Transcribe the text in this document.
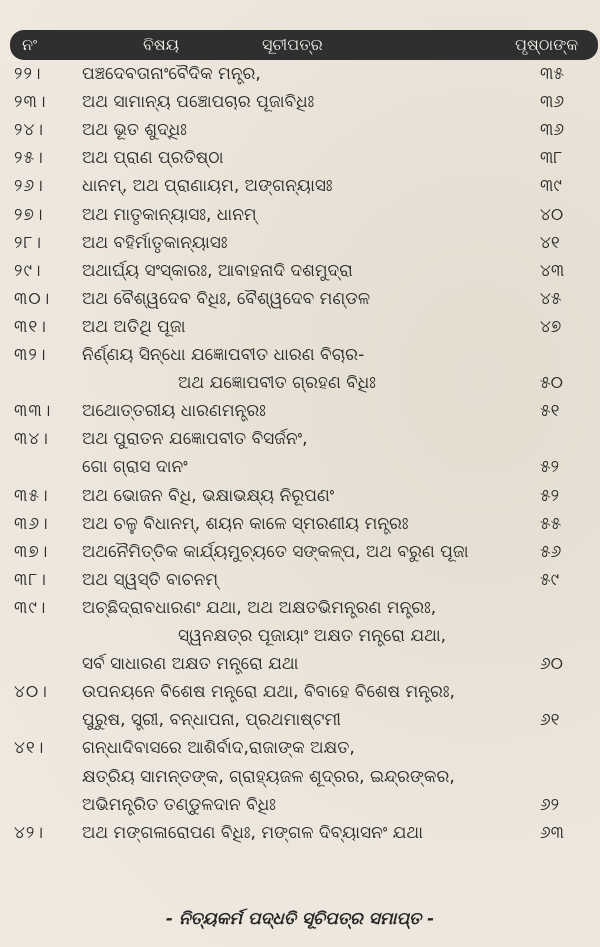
ନଂ	ବିଷୟ	ସୂଚୀପତ୍ର	ପୃଷ୍ଠାଙ୍କ
୨୨। ପଞ୍ଚଦେବତାନାଂବୈଦିକ ମନ୍ତ୍ର,	୩୫
୨୩। ଅଥ ସାମାନ୍ୟ ପଞ୍ଚୋପଚାର ପୂଜାବିଧିଃ	୩୬
୨୪। ଅଥ ଭୂତ ଶୁଦ୍ଧିଃ	୩୬
୨୫। ଅଥ ପ୍ରାଣ ପ୍ରତିଷ୍ଠା	୩୮
୨୬। ଧାନମ୍, ଅଥ ପ୍ରାଣାୟମ, ଅଙ୍ଗନ୍ୟାସଃ	୩୯
୨୭। ଅଥ ମାତୃକାନ୍ୟାସଃ, ଧାନମ୍	୪୦
୨୮। ଅଥ ବହିର୍ମାତୃକାନ୍ୟାସଃ	୪୧
୨୯। ଅଥାର୍ଘ୍ୟ ସଂସ୍କାରଃ, ଆବାହନାଦି ଦଶମୁଦ୍ରା	୪୩
୩୦। ଅଥ ବୈଶ୍ୱଦେବ ବିଧିଃ, ବୈଶ୍ୱଦେବ ମଣ୍ଡଳ	୪୫
୩୧। ଅଥ ଅତିଥି ପୂଜା	୪୭
୩୨। ନିର୍ଣ୍ଣୟ ସିନ୍ଧୋ ଯଜ୍ଞୋପବୀତ ଧାରଣ ବିଚାର-
ଅଥ ଯଜ୍ଞୋପବୀତ ଗ୍ରହଣ ବିଧିଃ	୫୦
୩୩। ଅଥୋତ୍ତରୀୟ ଧାରଣମନ୍ତ୍ରଃ	୫୧
୩୪। ଅଥ ପୁରାତନ ଯଜ୍ଞୋପବୀତ ବିସର୍ଜନଂ,
ଗୋ ଗ୍ରାସ ଦାନଂ	୫୨
୩୫। ଅଥ ଭୋଜନ ବିଧି, ଭକ୍ଷାଭକ୍ଷ୍ୟ ନିରୂପଣଂ	୫୨
୩୬। ଅଥ ଚଳୁ ବିଧାନମ୍, ଶୟନ କାଳେ ସ୍ମରଣୀୟ ମନ୍ତ୍ରଃ	୫୫
୩୭। ଅଥନୈମିତ୍ତିକ କାର୍ଯ୍ୟମୁଚ୍ୟତେ ସଙ୍କଳ୍ପ, ଅଥ ବରୁଣ ପୂଜା	୫୬
୩୮। ଅଥ ସ୍ୱସ୍ତି ବାଚନମ୍	୫୯
୩୯। ଅଚ୍ଛିଦ୍ରାବଧାରଣଂ ଯଥା, ଅଥ ଅକ୍ଷତଭିମନ୍ତ୍ରଣ ମନ୍ତ୍ରଃ,
ସ୍ୱନକ୍ଷତ୍ର ପୂଜାୟାଂ ଅକ୍ଷତ ମନ୍ତ୍ରୋ ଯଥା,
ସର୍ବ ସାଧାରଣ ଅକ୍ଷତ ମନ୍ତ୍ରୋ ଯଥା	୬୦
୪୦। ଉପନୟନେ ବିଶେଷ ମନ୍ତ୍ରୋ ଯଥା, ବିବାହେ ବିଶେଷ ମନ୍ତ୍ରଃ,
ପୁରୁଷ, ସ୍ତ୍ରୀ, ବନ୍ଧାପନା, ପ୍ରଥମାଷ୍ଟମୀ	୬୧
୪୧। ଗନ୍ଧାଦିବାସରେ ଆଶିର୍ବାଦ,ରାଜାଙ୍କ ଅକ୍ଷତ,
କ୍ଷତ୍ରିୟ ସାମନ୍ତଙ୍କ, ଗ୍ରାହ୍ୟଜଳ ଶୂଦ୍ରର, ଇନ୍ଦ୍ରଙ୍କର,
ଅଭିମନ୍ତ୍ରିତ ତଣ୍ଡୁଳଦାନ ବିଧିଃ	୬୨
୪୨। ଅଥ ମଙ୍ଗଳାରୋପଣ ବିଧିଃ, ମଙ୍ଗଳ ଦିବ୍ୟାସନଂ ଯଥା	୬୩
- ନିତ୍ୟକର୍ମ ପଦ୍ଧତି ସୂଚିପତ୍ର ସମାପ୍ତ -
